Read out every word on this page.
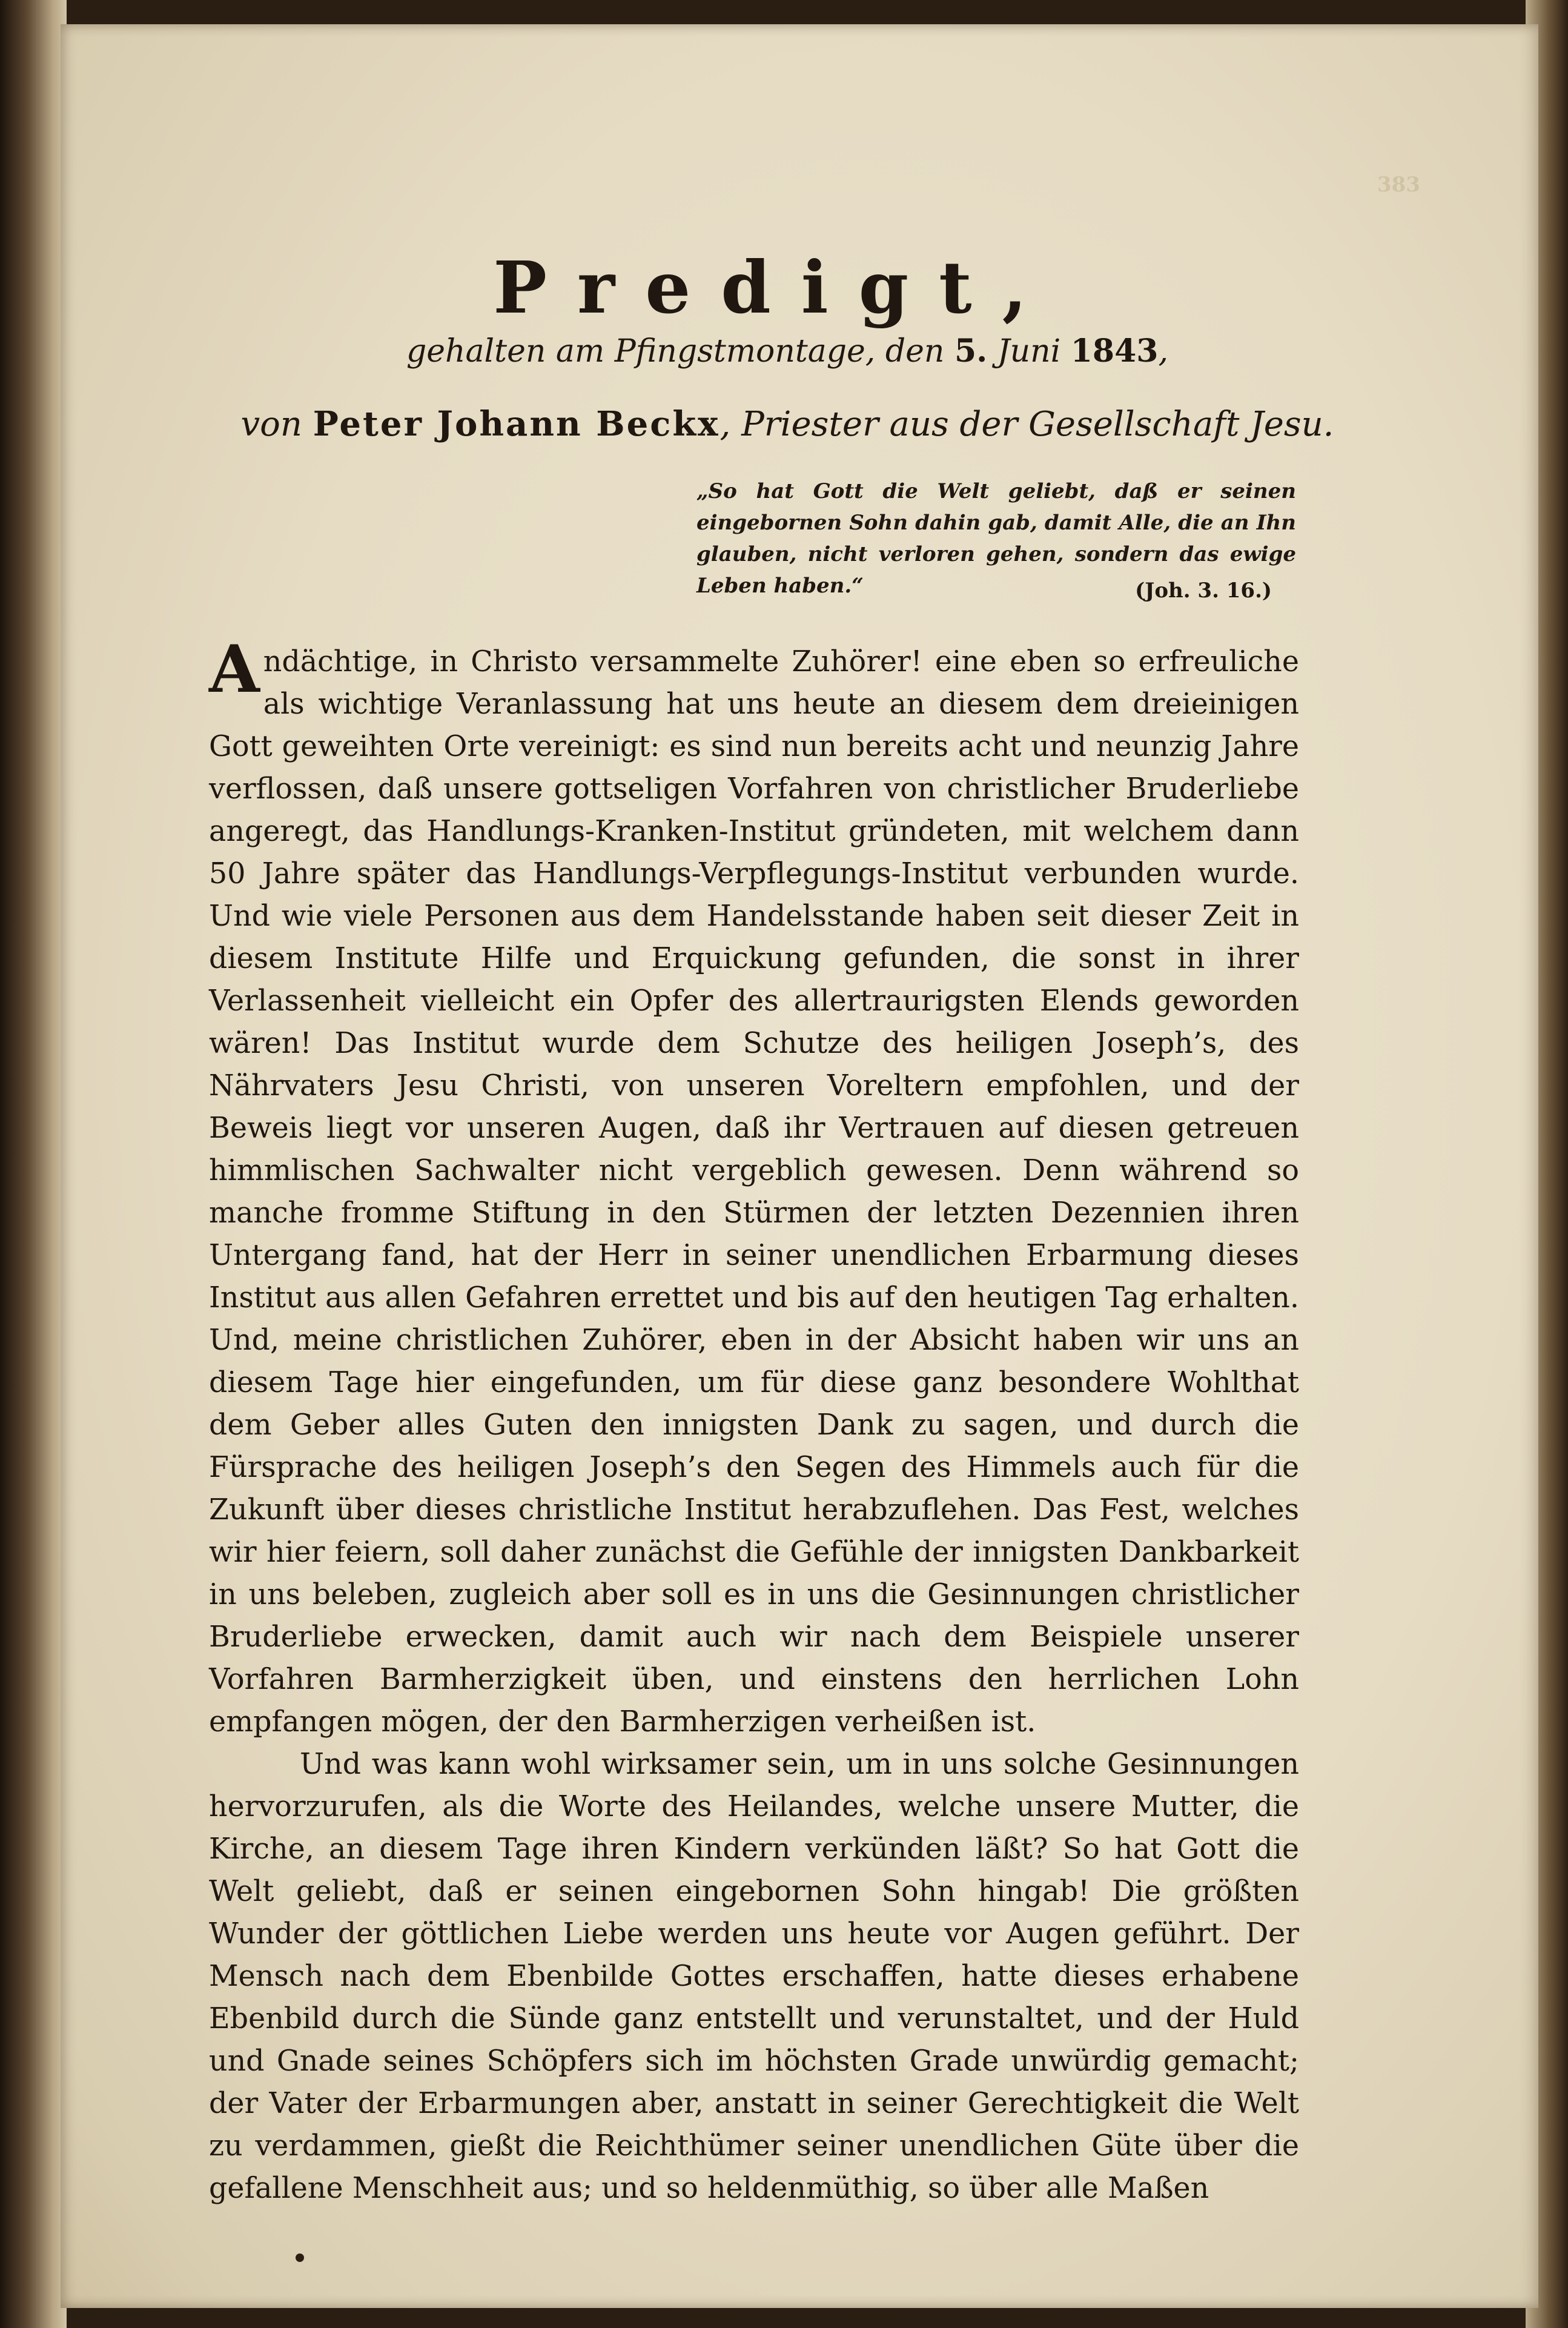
383
Predigt,
gehalten am Pfingstmontage, den 5. Juni 1843,
von Peter Johann Beckx, Priester aus der Gesellschaft Jesu.
„So hat Gott die Welt geliebt, daß er seinen eingebornen Sohn dahin gab, damit Alle, die an Ihn glauben, nicht verloren gehen, sondern das ewige Leben haben.“	(Joh. 3. 16.)

Andächtige, in Christo versammelte Zuhörer! eine eben so erfreuliche als wichtige Veranlassung hat uns heute an diesem dem dreieinigen Gott geweihten Orte vereinigt: es sind nun bereits acht und neunzig Jahre verflossen, daß unsere gottseligen Vorfahren von christlicher Bruderliebe angeregt, das Handlungs-Kranken-Institut gründeten, mit welchem dann 50 Jahre später das Handlungs-Verpflegungs-Institut verbunden wurde. Und wie viele Personen aus dem Handelsstande haben seit dieser Zeit in diesem Institute Hilfe und Erquickung gefunden, die sonst in ihrer Verlassenheit vielleicht ein Opfer des allertraurigsten Elends geworden wären! Das Institut wurde dem Schutze des heiligen Joseph’s, des Nährvaters Jesu Christi, von unseren Voreltern empfohlen, und der Beweis liegt vor unseren Augen, daß ihr Vertrauen auf diesen getreuen himmlischen Sachwalter nicht vergeblich gewesen. Denn während so manche fromme Stiftung in den Stürmen der letzten Dezennien ihren Untergang fand, hat der Herr in seiner unendlichen Erbarmung dieses Institut aus allen Gefahren errettet und bis auf den heutigen Tag erhalten. Und, meine christlichen Zuhörer, eben in der Absicht haben wir uns an diesem Tage hier eingefunden, um für diese ganz besondere Wohlthat dem Geber alles Guten den innigsten Dank zu sagen, und durch die Fürsprache des heiligen Joseph’s den Segen des Himmels auch für die Zukunft über dieses christliche Institut herabzuflehen. Das Fest, welches wir hier feiern, soll daher zunächst die Gefühle der innigsten Dankbarkeit in uns beleben, zugleich aber soll es in uns die Gesinnungen christlicher Bruderliebe erwecken, damit auch wir nach dem Beispiele unserer Vorfahren Barmherzigkeit üben, und einstens den herrlichen Lohn empfangen mögen, der den Barmherzigen verheißen ist.

Und was kann wohl wirksamer sein, um in uns solche Gesinnungen hervorzurufen, als die Worte des Heilandes, welche unsere Mutter, die Kirche, an diesem Tage ihren Kindern verkünden läßt? So hat Gott die Welt geliebt, daß er seinen eingebornen Sohn hingab! Die größten Wunder der göttlichen Liebe werden uns heute vor Augen geführt. Der Mensch nach dem Ebenbilde Gottes erschaffen, hatte dieses erhabene Ebenbild durch die Sünde ganz entstellt und verunstaltet, und der Huld und Gnade seines Schöpfers sich im höchsten Grade unwürdig gemacht; der Vater der Erbarmungen aber, anstatt in seiner Gerechtigkeit die Welt zu verdammen, gießt die Reichthümer seiner unendlichen Güte über die gefallene Menschheit aus; und so heldenmüthig, so über alle Maßen
